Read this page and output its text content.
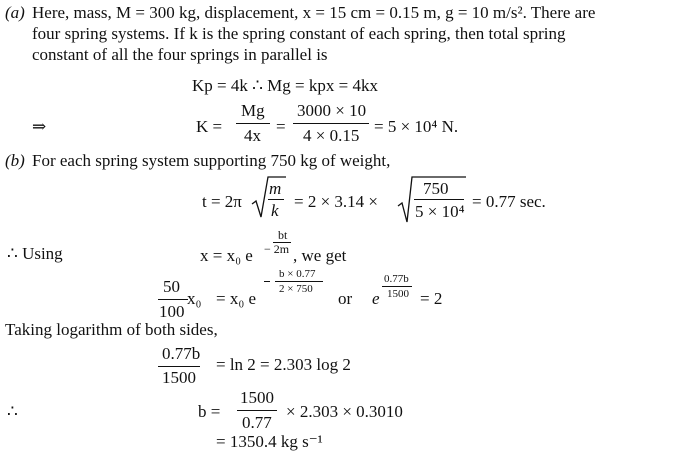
(a) Here, mass, M = 300 kg, displacement, x = 15 cm = 0.15 m, g = 10 m/s². There are
four spring systems. If k is the spring constant of each spring, then total spring
constant of all the four springs in parallel is
Kp = 4k ∴ Mg = kpx = 4kx
⇒	K =
Mg
4x =
3000 × 10
4 × 0.15 = 5 × 10⁴ N.
(b) For each spring system supporting 750 kg of weight,
t = 2π
m
k = 2 × 3.14 ×
750
5 × 10⁴
= 0.77 sec.
∴ Using	x = x₀ e
bt
− 2m , we get
50
100
x₀ = x₀ e
b × 0.77
2 × 750 or e
0.77b
1500 = 2
Taking logarithm of both sides,
0.77b
1500
= ln 2 = 2.303 log 2
∴	b =
1500
0.77
× 2.303 × 0.3010
= 1350.4 kg s⁻¹
